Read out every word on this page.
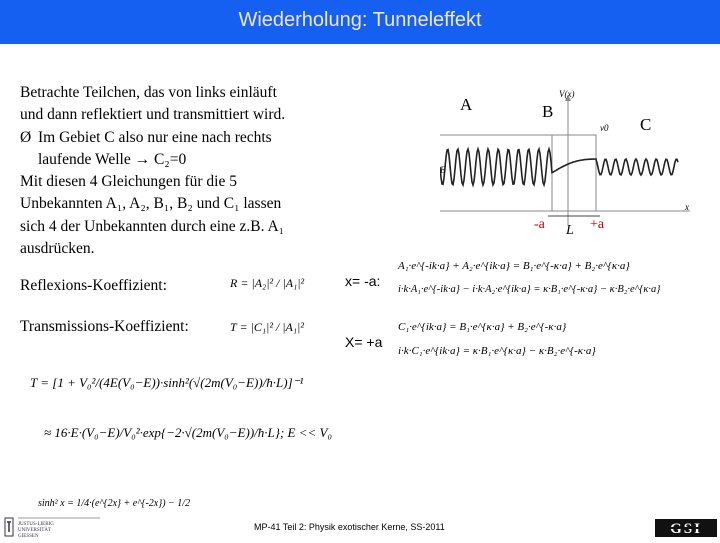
Wiederholung: Tunneleffekt
Betrachte Teilchen, das von links einläuft
und dann reflektiert und transmittiert wird.
Ø Im Gebiet C also nur eine nach rechts
laufende Welle → C₂=0
Mit diesen 4 Gleichungen für die 5
Unbekannten A₁, A₂, B₁, B₂ und C₁ lassen
sich 4 der Unbekannten durch eine z.B. A₁
ausdrücken.
Reflexions-Koeffizient:	R = |A₂|² / |A₁|²
Transmissions-Koeffizient:	T = |C₁|² / |A₁|²
x= -a:
X= +a
A₁·e^{-ik·a} + A₂·e^{ik·a} = B₁·e^{-κ·a} + B₂·e^{κ·a}
i·k·A₁·e^{-ik·a} − i·k·A₂·e^{ik·a} = κ·B₁·e^{-κ·a} − κ·B₂·e^{κ·a}
C₁·e^{ik·a} = B₁·e^{κ·a} + B₂·e^{-κ·a}
i·k·C₁·e^{ik·a} = κ·B₁·e^{κ·a} − κ·B₂·e^{-κ·a}
T = [1 + V₀²/(4E(V₀−E))·sinh²(√(2m(V₀−E))/ħ·L)]⁻¹
≈ 16·E·(V₀−E)/V₀²·exp{−2·√(2m(V₀−E))/ħ·L}; E << V₀
sinh² x = 1/4·(e^{2x} + e^{-2x}) − 1/2
A	B
C
V(x)
x
v0
E
-a	+a
L
JUSTUS-LIEBIG
UNIVERSITÄT
GIESSEN
MP-41 Teil 2: Physik exotischer Kerne, SS-2011
